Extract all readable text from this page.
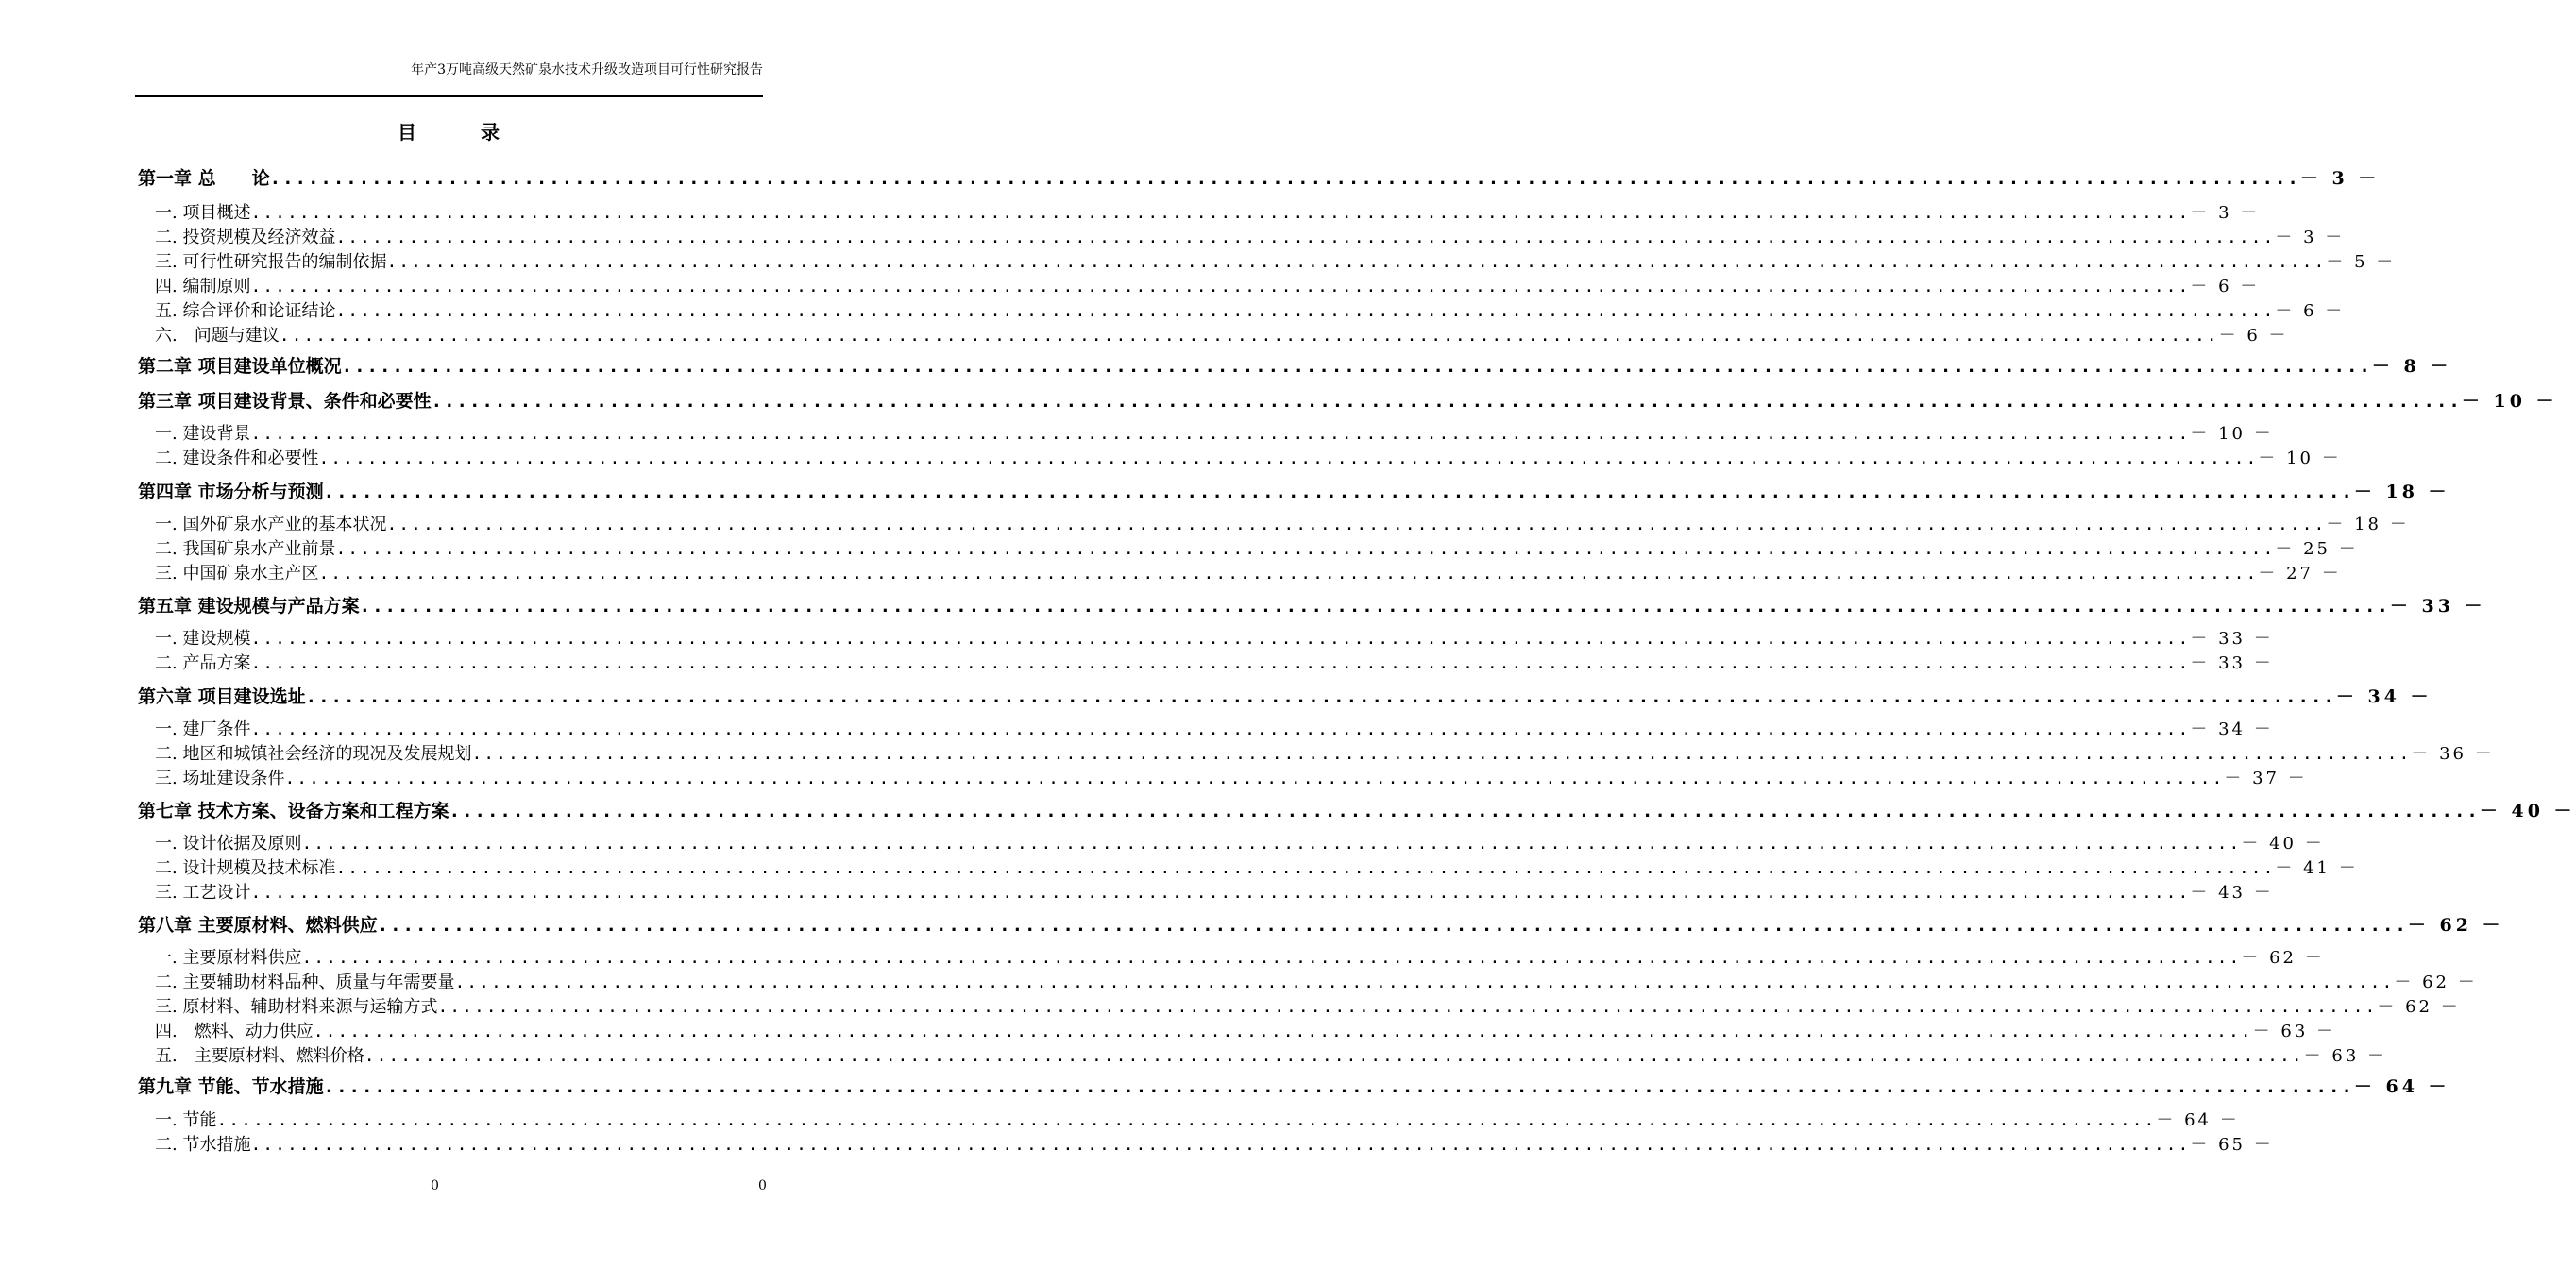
年产3万吨高级天然矿泉水技术升级改造项目可行性研究报告
目录
第一章 总　　论 ................................................................................................................................................................ － 3 －
一. 项目概述 ................................................................................................................................................................ － 3 －
二. 投资规模及经济效益 ................................................................................................................................................................ － 3 －
三. 可行性研究报告的编制依据 ................................................................................................................................................................ － 5 －
四. 编制原则 ................................................................................................................................................................ － 6 －
五. 综合评价和论证结论 ................................................................................................................................................................ － 6 －
六.　问题与建议 ................................................................................................................................................................ － 6 －
第二章 项目建设单位概况 ................................................................................................................................................................ － 8 －
第三章 项目建设背景、条件和必要性 ................................................................................................................................................................ － 10 －
一. 建设背景 ................................................................................................................................................................ － 10 －
二. 建设条件和必要性 ................................................................................................................................................................ － 10 －
第四章 市场分析与预测 ................................................................................................................................................................ － 18 －
一. 国外矿泉水产业的基本状况 ................................................................................................................................................................ － 18 －
二. 我国矿泉水产业前景 ................................................................................................................................................................ － 25 －
三. 中国矿泉水主产区 ................................................................................................................................................................ － 27 －
第五章 建设规模与产品方案 ................................................................................................................................................................ － 33 －
一. 建设规模 ................................................................................................................................................................ － 33 －
二. 产品方案 ................................................................................................................................................................ － 33 －
第六章 项目建设选址 ................................................................................................................................................................ － 34 －
一. 建厂条件 ................................................................................................................................................................ － 34 －
二. 地区和城镇社会经济的现况及发展规划 ................................................................................................................................................................ － 36 －
三. 场址建设条件 ................................................................................................................................................................ － 37 －
第七章 技术方案、设备方案和工程方案 ................................................................................................................................................................ － 40 －
一. 设计依据及原则 ................................................................................................................................................................ － 40 －
二. 设计规模及技术标准 ................................................................................................................................................................ － 41 －
三. 工艺设计 ................................................................................................................................................................ － 43 －
第八章 主要原材料、燃料供应 ................................................................................................................................................................ － 62 －
一. 主要原材料供应 ................................................................................................................................................................ － 62 －
二. 主要辅助材料品种、质量与年需要量 ................................................................................................................................................................ － 62 －
三. 原材料、辅助材料来源与运输方式 ................................................................................................................................................................ － 62 －
四.　燃料、动力供应 ................................................................................................................................................................ － 63 －
五.　主要原材料、燃料价格 ................................................................................................................................................................ － 63 －
第九章 节能、节水措施 ................................................................................................................................................................ － 64 －
一. 节能 ................................................................................................................................................................ － 64 －
二. 节水措施 ................................................................................................................................................................ － 65 －
0	0
